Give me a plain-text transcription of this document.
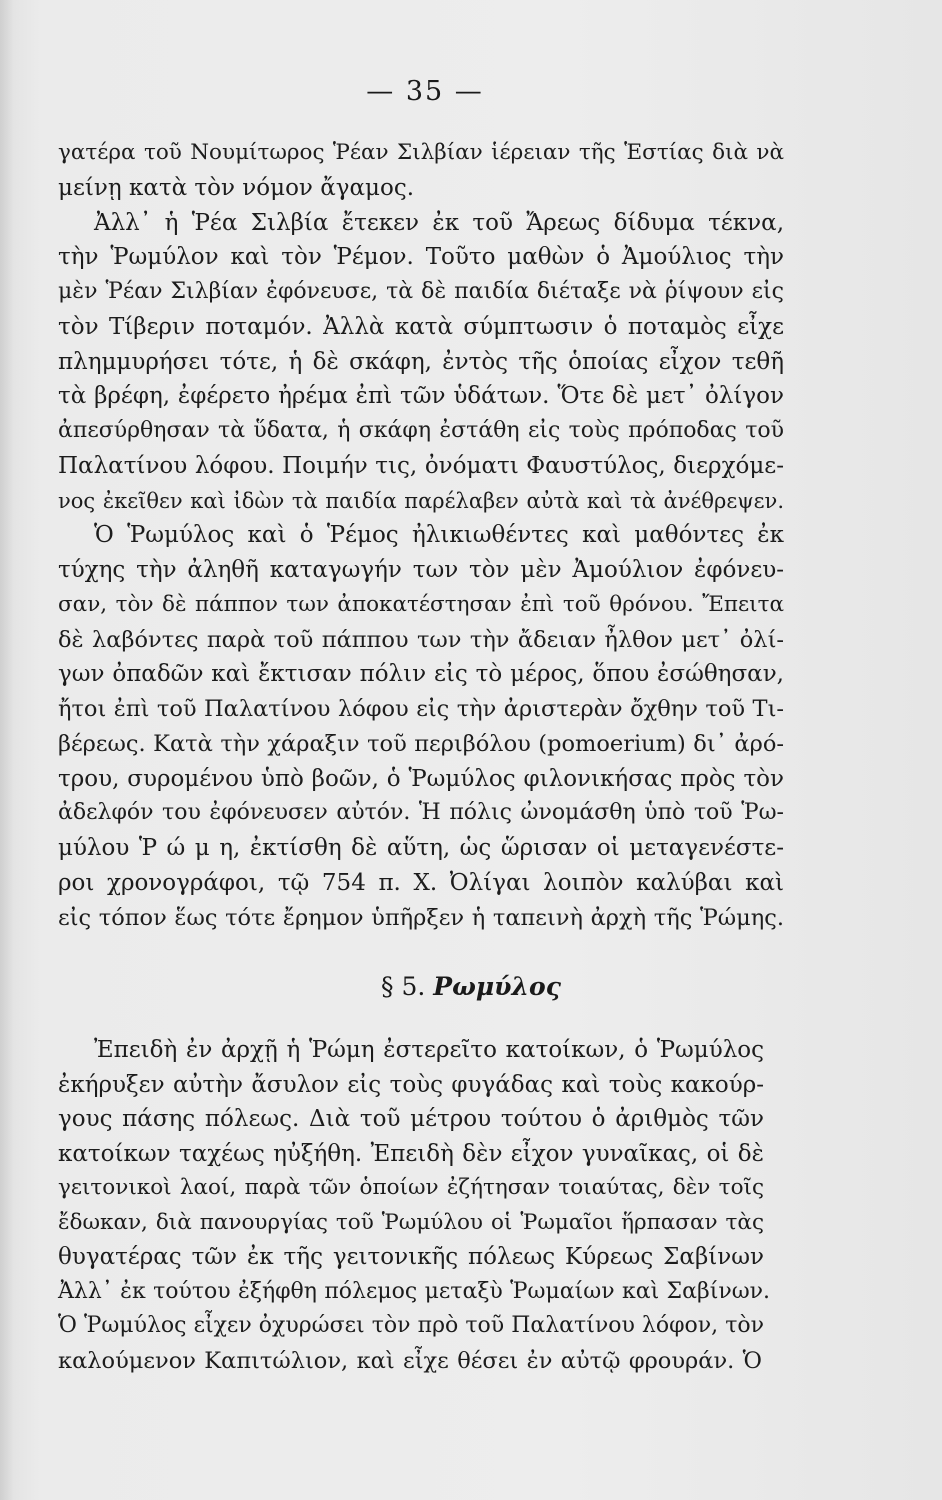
— 35 —
γατέρα τοῦ Νουμίτωρος Ῥέαν Σιλβίαν ἱέρειαν τῆς Ἑστίας διὰ νὰ
μείνῃ κατὰ τὸν νόμον ἄγαμος.
Ἀλλ᾽ ἡ Ῥέα Σιλβία ἔτεκεν ἐκ τοῦ Ἄρεως δίδυμα τέκνα,
τὴν Ῥωμύλον καὶ τὸν Ῥέμον. Τοῦτο μαθὼν ὁ Ἀμούλιος τὴν
μὲν Ῥέαν Σιλβίαν ἐφόνευσε, τὰ δὲ παιδία διέταξε νὰ ῥίψουν εἰς
τὸν Τίβεριν ποταμόν. Ἀλλὰ κατὰ σύμπτωσιν ὁ ποταμὸς εἶχε
πλημμυρήσει τότε, ἡ δὲ σκάφη, ἐντὸς τῆς ὁποίας εἶχον τεθῆ
τὰ βρέφη, ἐφέρετο ἠρέμα ἐπὶ τῶν ὑδάτων. Ὅτε δὲ μετ᾽ ὀλίγον
ἀπεσύρθησαν τὰ ὕδατα, ἡ σκάφη ἐστάθη εἰς τοὺς πρόποδας τοῦ
Παλατίνου λόφου. Ποιμήν τις, ὀνόματι Φαυστύλος, διερχόμε-
νος ἐκεῖθεν καὶ ἰδὼν τὰ παιδία παρέλαβεν αὐτὰ καὶ τὰ ἀνέθρεψεν.
Ὁ Ῥωμύλος καὶ ὁ Ῥέμος ἠλικιωθέντες καὶ μαθόντες ἐκ
τύχης τὴν ἀληθῆ καταγωγήν των τὸν μὲν Ἀμούλιον ἐφόνευ-
σαν, τὸν δὲ πάππον των ἀποκατέστησαν ἐπὶ τοῦ θρόνου. Ἔπειτα
δὲ λαβόντες παρὰ τοῦ πάππου των τὴν ἄδειαν ἦλθον μετ᾽ ὀλί-
γων ὀπαδῶν καὶ ἔκτισαν πόλιν εἰς τὸ μέρος, ὅπου ἐσώθησαν,
ἤτοι ἐπὶ τοῦ Παλατίνου λόφου εἰς τὴν ἀριστερὰν ὄχθην τοῦ Τι-
βέρεως. Κατὰ τὴν χάραξιν τοῦ περιβόλου (pomoerium) δι᾽ ἀρό-
τρου, συρομένου ὑπὸ βοῶν, ὁ Ῥωμύλος φιλονικήσας πρὸς τὸν
ἀδελφόν του ἐφόνευσεν αὐτόν. Ἡ πόλις ὠνομάσθη ὑπὸ τοῦ Ῥω-
μύλου Ῥ ώ μ η, ἐκτίσθη δὲ αὕτη, ὡς ὥρισαν οἱ μεταγενέστε-
ροι χρονογράφοι, τῷ 754 π. Χ. Ὀλίγαι λοιπὸν καλύβαι καὶ
εἰς τόπον ἕως τότε ἔρημον ὑπῆρξεν ἡ ταπεινὴ ἀρχὴ τῆς Ῥώμης.
§ 5. Ρωμύλος
Ἐπειδὴ ἐν ἀρχῇ ἡ Ῥώμη ἐστερεῖτο κατοίκων, ὁ Ῥωμύλος
ἐκήρυξεν αὐτὴν ἄσυλον εἰς τοὺς φυγάδας καὶ τοὺς κακούρ-
γους πάσης πόλεως. Διὰ τοῦ μέτρου τούτου ὁ ἀριθμὸς τῶν
κατοίκων ταχέως ηὐξήθη. Ἐπειδὴ δὲν εἶχον γυναῖκας, οἱ δὲ
γειτονικοὶ λαοί, παρὰ τῶν ὁποίων ἐζήτησαν τοιαύτας, δὲν τοῖς
ἔδωκαν, διὰ πανουργίας τοῦ Ῥωμύλου οἱ Ῥωμαῖοι ἥρπασαν τὰς
θυγατέρας τῶν ἐκ τῆς γειτονικῆς πόλεως Κύρεως Σαβίνων
Ἀλλ᾽ ἐκ τούτου ἐξήφθη πόλεμος μεταξὺ Ῥωμαίων καὶ Σαβίνων.
Ὁ Ῥωμύλος εἶχεν ὀχυρώσει τὸν πρὸ τοῦ Παλατίνου λόφον, τὸν
καλούμενον Καπιτώλιον, καὶ εἶχε θέσει ἐν αὐτῷ φρουράν. Ὁ
